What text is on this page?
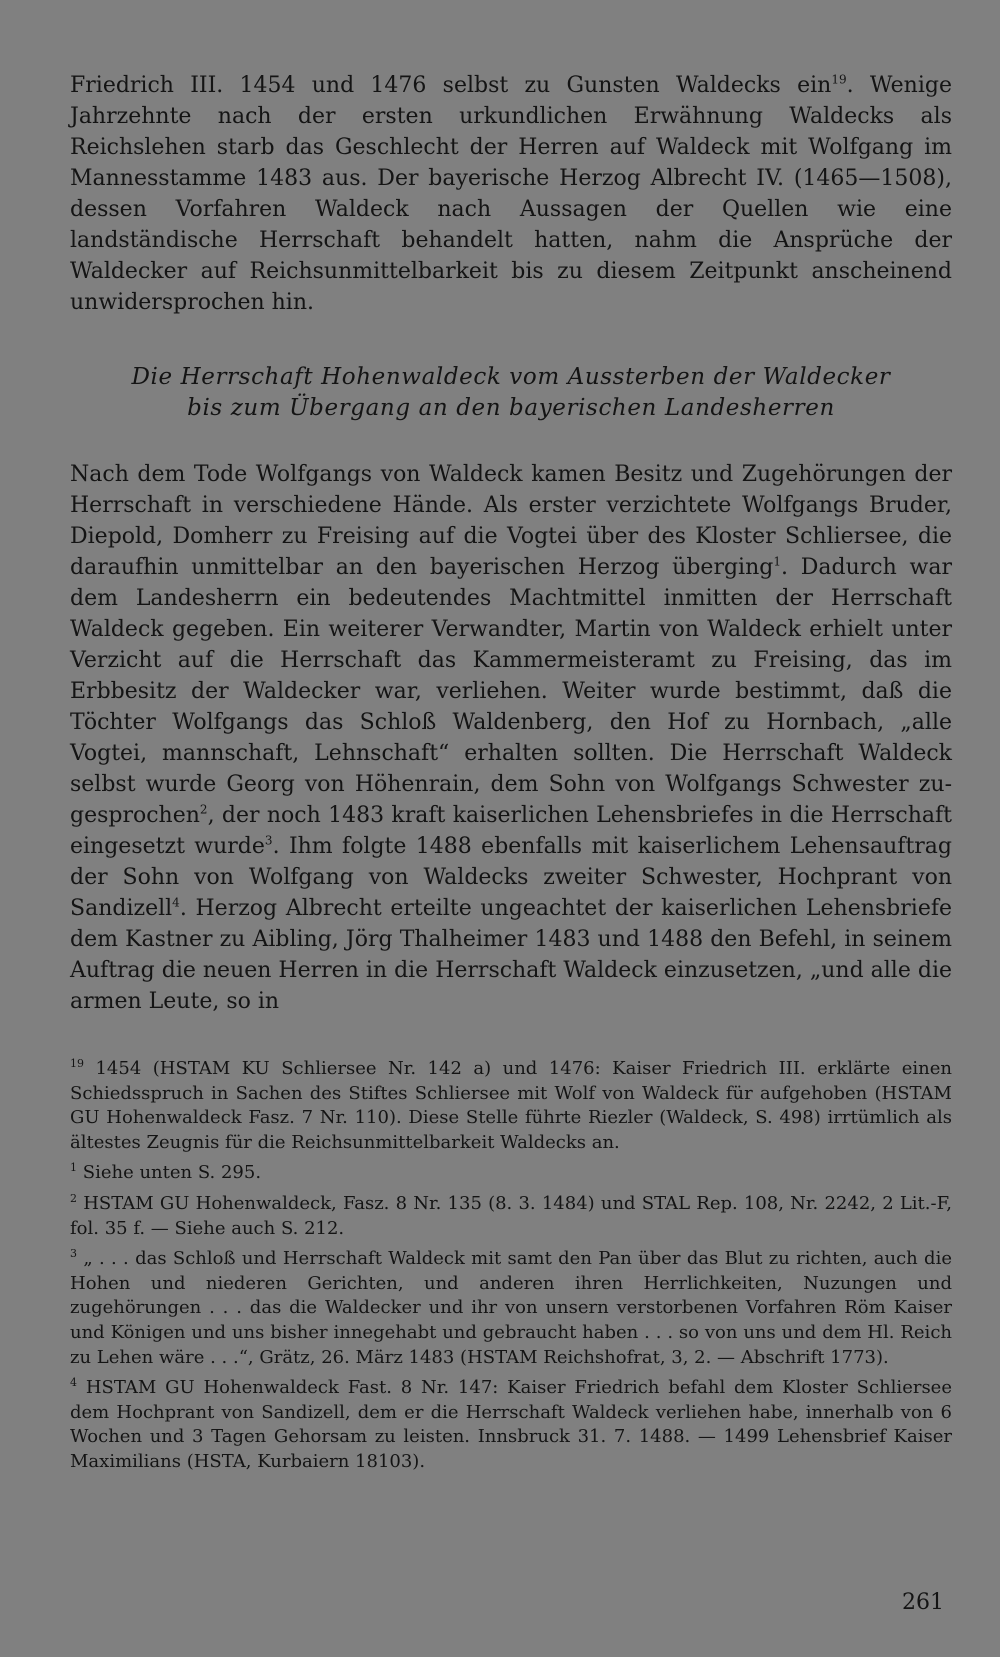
Friedrich III. 1454 und 1476 selbst zu Gunsten Waldecks ein$^{19}$. Wenige Jahrzehnte nach der ersten urkundlichen Erwähnung Waldecks als Reichslehen starb das Geschlecht der Herren auf Waldeck mit Wolfgang im Mannesstamme 1483 aus. Der bayerische Herzog Albrecht IV. (1465—1508), dessen Vorfahren Waldeck nach Aussagen der Quellen wie eine landständische Herrschaft behandelt hatten, nahm die Ansprüche der Waldecker auf Reichsunmittelbarkeit bis zu diesem Zeitpunkt anscheinend unwidersprochen hin.

Die Herrschaft Hohenwaldeck vom Aussterben der Waldecker
bis zum Übergang an den bayerischen Landesherren

Nach dem Tode Wolfgangs von Waldeck kamen Besitz und Zugehörungen der Herrschaft in verschiedene Hände. Als erster verzichtete Wolfgangs Bruder, Diepold, Domherr zu Freising auf die Vogtei über des Kloster Schliersee, die daraufhin unmittelbar an den bayerischen Herzog überging$^1$. Dadurch war dem Landesherrn ein bedeutendes Machtmittel inmitten der Herrschaft Waldeck gegeben. Ein weiterer Verwandter, Martin von Waldeck erhielt unter Verzicht auf die Herrschaft das Kammermeisteramt zu Freising, das im Erbbesitz der Waldecker war, verliehen. Weiter wurde bestimmt, daß die Töchter Wolfgangs das Schloß Waldenberg, den Hof zu Hornbach, „alle Vogtei, mannschaft, Lehnschaft“ erhalten sollten. Die Herrschaft Waldeck selbst wurde Georg von Höhenrain, dem Sohn von Wolfgangs Schwester zugesprochen$^2$, der noch 1483 kraft kaiserlichen Lehensbriefes in die Herrschaft eingesetzt wurde$^3$. Ihm folgte 1488 ebenfalls mit kaiserlichem Lehensauftrag der Sohn von Wolfgang von Waldecks zweiter Schwester, Hochprant von Sandizell$^4$. Herzog Albrecht erteilte ungeachtet der kaiserlichen Lehensbriefe dem Kastner zu Aibling, Jörg Thalheimer 1483 und 1488 den Befehl, in seinem Auftrag die neuen Herren in die Herrschaft Waldeck einzusetzen, „und alle die armen Leute, so in

$^{19}$ 1454 (HSTAM KU Schliersee Nr. 142 a) und 1476: Kaiser Friedrich III. erklärte einen Schiedsspruch in Sachen des Stiftes Schliersee mit Wolf von Waldeck für aufgehoben (HSTAM GU Hohenwaldeck Fasz. 7 Nr. 110). Diese Stelle führte Riezler (Waldeck, S. 498) irrtümlich als ältestes Zeugnis für die Reichsunmittelbarkeit Waldecks an.

$^1$ Siehe unten S. 295.

$^2$ HSTAM GU Hohenwaldeck, Fasz. 8 Nr. 135 (8. 3. 1484) und STAL Rep. 108, Nr. 2242, 2 Lit.-F, fol. 35 f. — Siehe auch S. 212.

$^3$ „ . . . das Schloß und Herrschaft Waldeck mit samt den Pan über das Blut zu richten, auch die Hohen und niederen Gerichten, und anderen ihren Herrlichkeiten, Nuzungen und zugehörungen . . . das die Waldecker und ihr von unsern verstorbenen Vorfahren Röm Kaiser und Königen und uns bisher innegehabt und gebraucht haben . . . so von uns und dem Hl. Reich zu Lehen wäre . . .“, Grätz, 26. März 1483 (HSTAM Reichshofrat, 3, 2. — Abschrift 1773).

$^4$ HSTAM GU Hohenwaldeck Fast. 8 Nr. 147: Kaiser Friedrich befahl dem Kloster Schliersee dem Hochprant von Sandizell, dem er die Herrschaft Waldeck verliehen habe, innerhalb von 6 Wochen und 3 Tagen Gehorsam zu leisten. Innsbruck 31. 7. 1488. — 1499 Lehensbrief Kaiser Maximilians (HSTA, Kurbaiern 18103).

261
